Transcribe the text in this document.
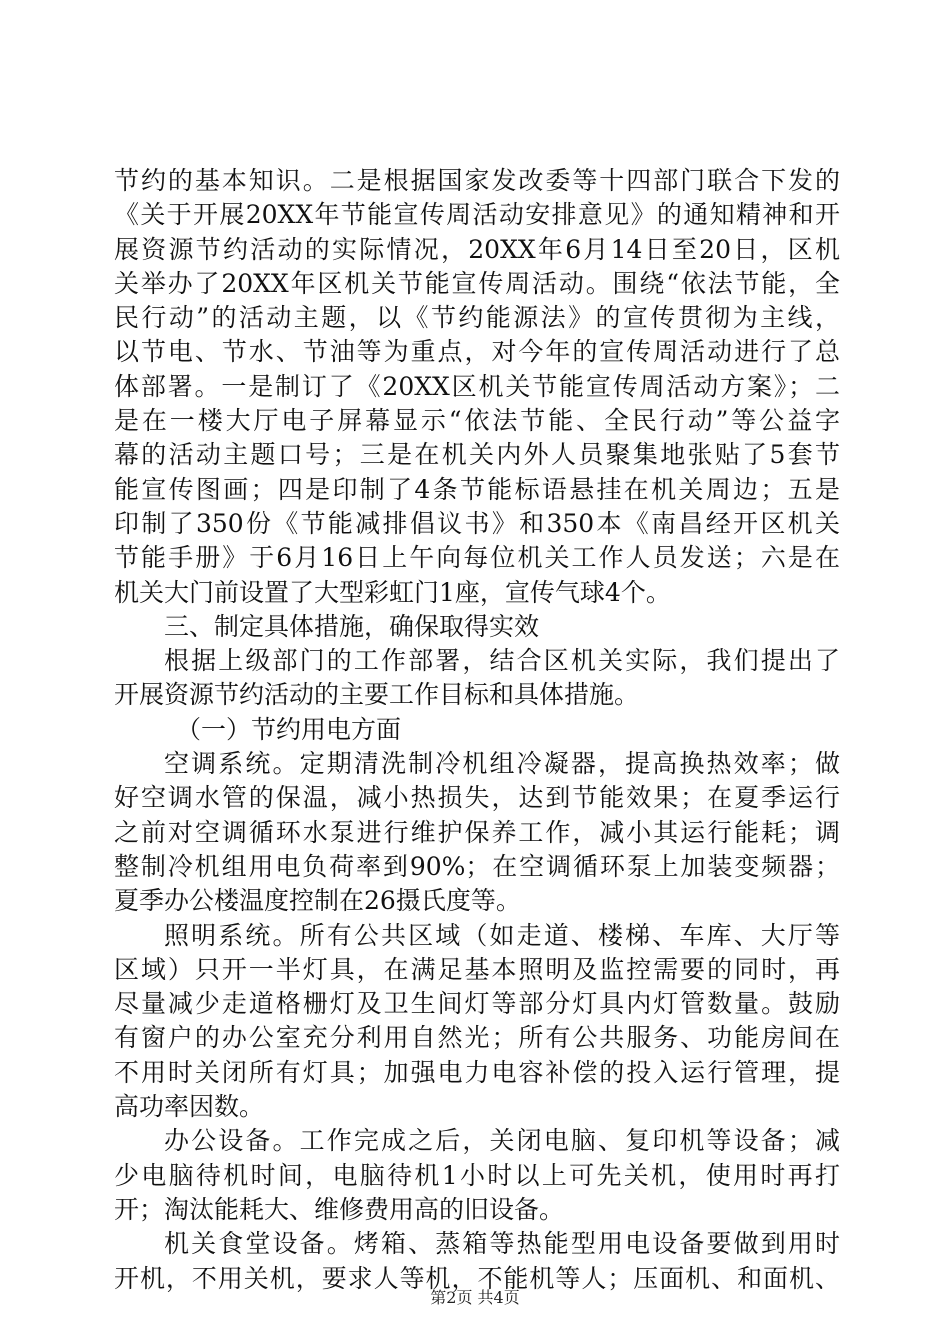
节约的基本知识。二是根据国家发改委等十四部门联合下发的
《关于开展20XX年节能宣传周活动安排意见》的通知精神和开
展资源节约活动的实际情况，20XX年6月14日至20日，区机
关举办了20XX年区机关节能宣传周活动。围绕“依法节能，全
民行动”的活动主题，以《节约能源法》的宣传贯彻为主线，
以节电、节水、节油等为重点，对今年的宣传周活动进行了总
体部署。一是制订了《20XX区机关节能宣传周活动方案》；二
是在一楼大厅电子屏幕显示“依法节能、全民行动”等公益字
幕的活动主题口号；三是在机关内外人员聚集地张贴了5套节
能宣传图画；四是印制了4条节能标语悬挂在机关周边；五是
印制了350份《节能减排倡议书》和350本《南昌经开区机关
节能手册》于6月16日上午向每位机关工作人员发送；六是在
机关大门前设置了大型彩虹门1座，宣传气球4个。
三、制定具体措施，确保取得实效
根据上级部门的工作部署，结合区机关实际，我们提出了
开展资源节约活动的主要工作目标和具体措施。
（一）节约用电方面
空调系统。定期清洗制冷机组冷凝器，提高换热效率；做
好空调水管的保温，减小热损失，达到节能效果；在夏季运行
之前对空调循环水泵进行维护保养工作，减小其运行能耗；调
整制冷机组用电负荷率到90%；在空调循环泵上加装变频器；
夏季办公楼温度控制在26摄氏度等。
照明系统。所有公共区域（如走道、楼梯、车库、大厅等
区域）只开一半灯具，在满足基本照明及监控需要的同时，再
尽量减少走道格栅灯及卫生间灯等部分灯具内灯管数量。鼓励
有窗户的办公室充分利用自然光；所有公共服务、功能房间在
不用时关闭所有灯具；加强电力电容补偿的投入运行管理，提
高功率因数。
办公设备。工作完成之后，关闭电脑、复印机等设备；减
少电脑待机时间，电脑待机1小时以上可先关机，使用时再打
开；淘汰能耗大、维修费用高的旧设备。
机关食堂设备。烤箱、蒸箱等热能型用电设备要做到用时
开机，不用关机，要求人等机，不能机等人；压面机、和面机、
第2页 共4页
